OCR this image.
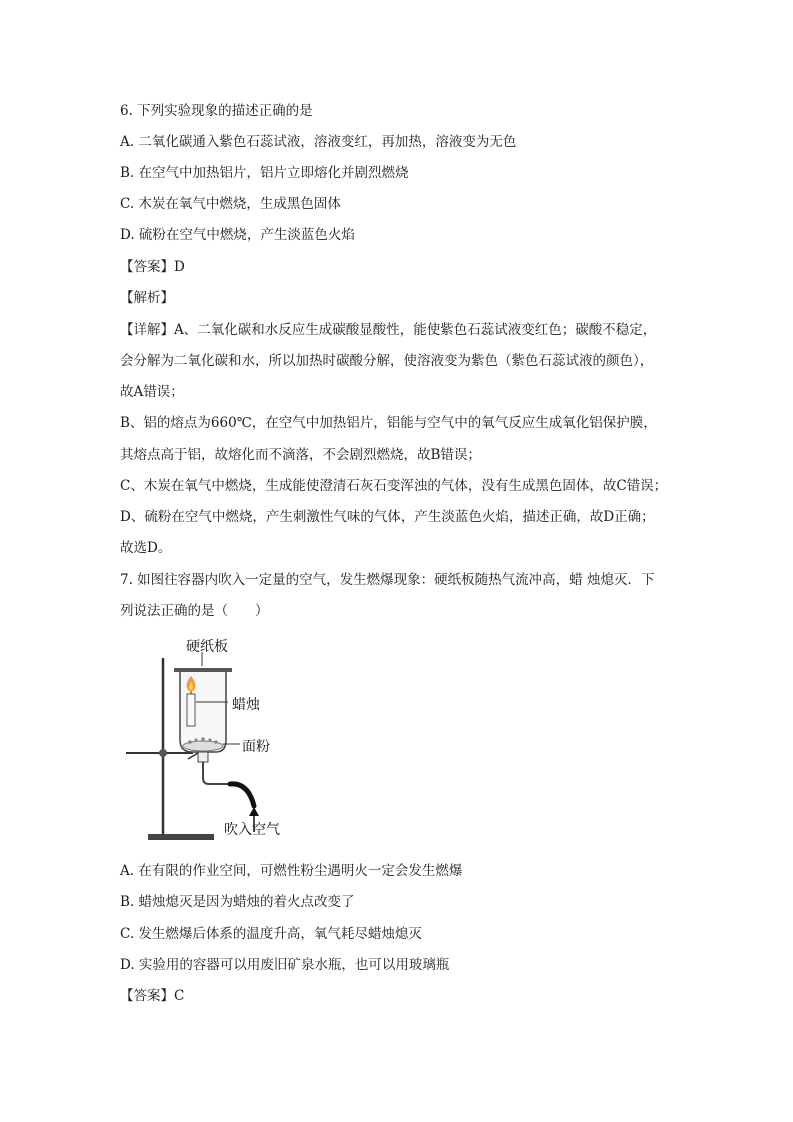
6. 下列实验现象的描述正确的是
A. 二氧化碳通入紫色石蕊试液，溶液变红，再加热，溶液变为无色
B. 在空气中加热铝片，铝片立即熔化并剧烈燃烧
C. 木炭在氧气中燃烧，生成黑色固体
D. 硫粉在空气中燃烧，产生淡蓝色火焰
【答案】D
【解析】
【详解】A、二氧化碳和水反应生成碳酸显酸性，能使紫色石蕊试液变红色；碳酸不稳定，
会分解为二氧化碳和水，所以加热时碳酸分解，使溶液变为紫色（紫色石蕊试液的颜色），
故A错误；
B、铝的熔点为660℃，在空气中加热铝片，铝能与空气中的氧气反应生成氧化铝保护膜，
其熔点高于铝，故熔化而不滴落，不会剧烈燃烧，故B错误；
C、木炭在氧气中燃烧，生成能使澄清石灰石变浑浊的气体，没有生成黑色固体，故C错误；
D、硫粉在空气中燃烧，产生刺激性气味的气体，产生淡蓝色火焰，描述正确，故D正确；
故选D。
7. 如图往容器内吹入一定量的空气，发生燃爆现象：硬纸板随热气流冲高，蜡 烛熄灭．下
列说法正确的是（　　）
硬纸板
蜡烛
面粉
吹入空气
A. 在有限的作业空间，可燃性粉尘遇明火一定会发生燃爆
B. 蜡烛熄灭是因为蜡烛的着火点改变了
C. 发生燃爆后体系的温度升高，氧气耗尽蜡烛熄灭
D. 实验用的容器可以用废旧矿泉水瓶，也可以用玻璃瓶
【答案】C
